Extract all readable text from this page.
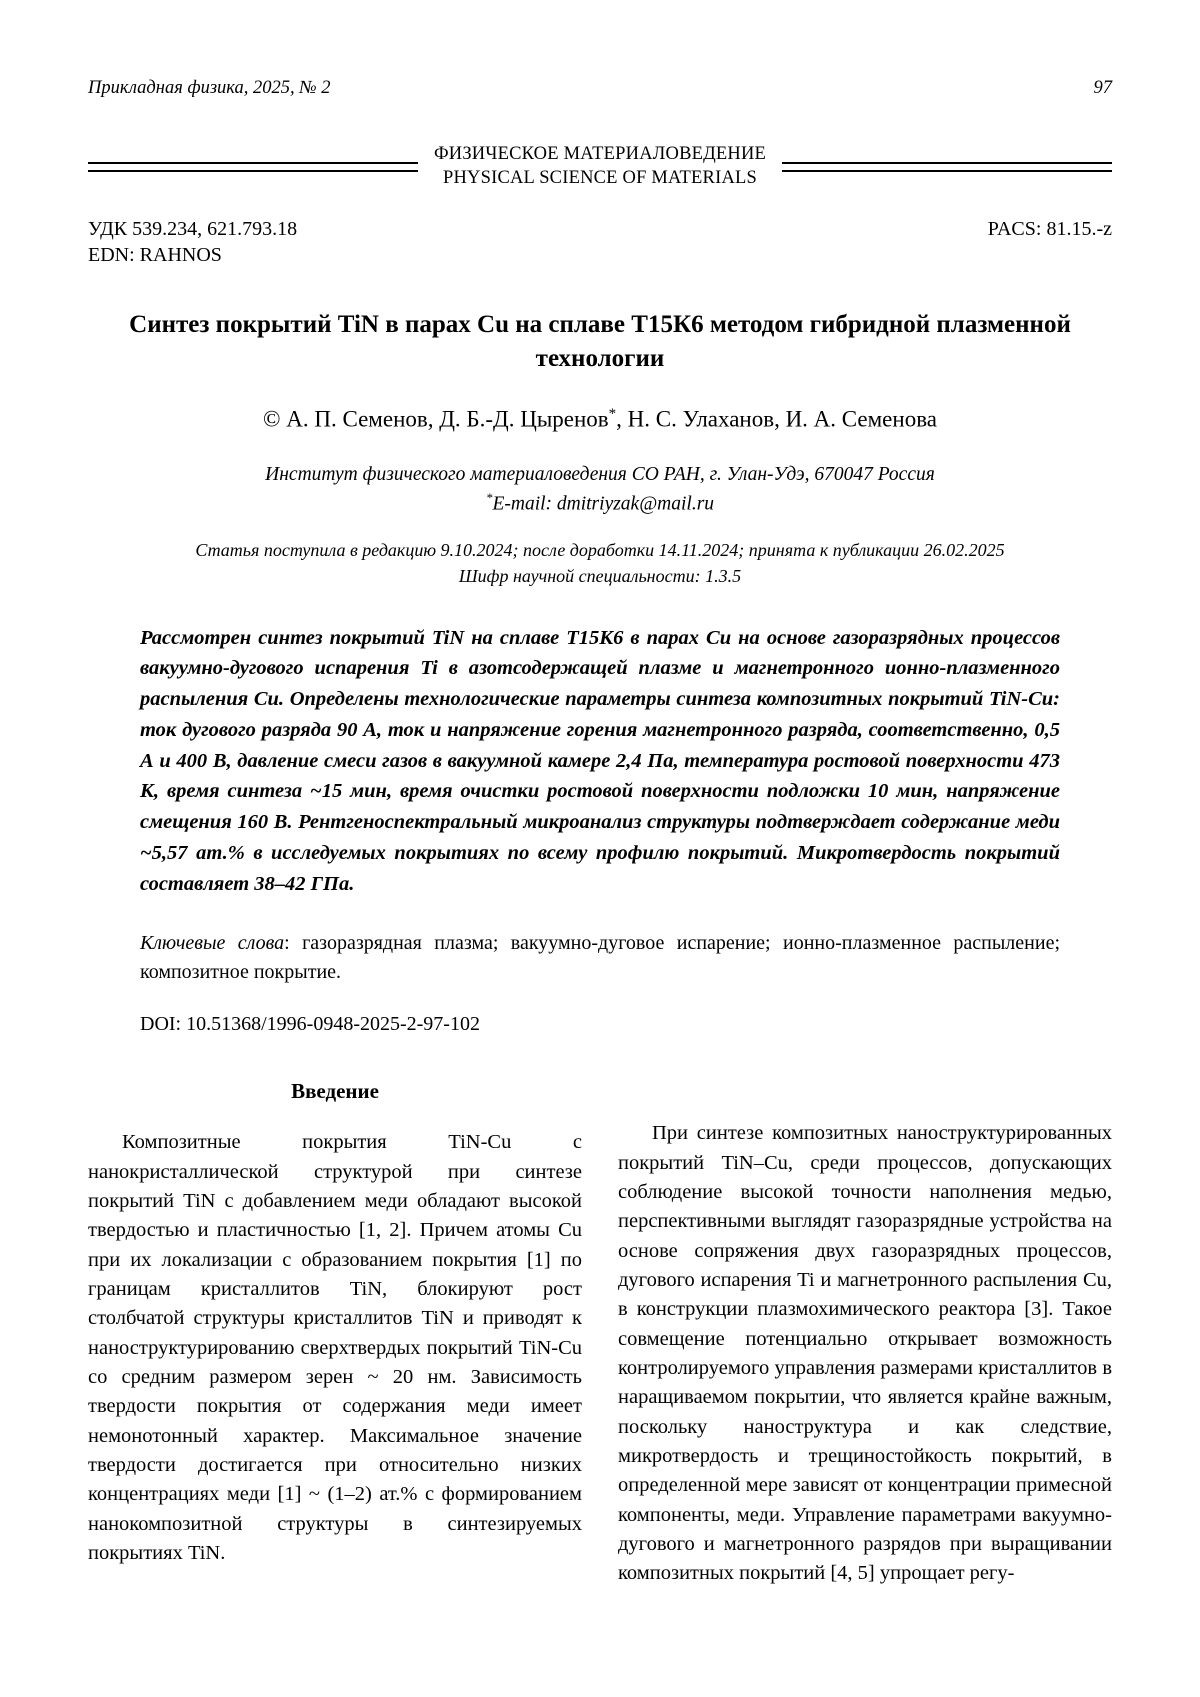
Прикладная физика, 2025, № 2	97
ФИЗИЧЕСКОЕ МАТЕРИАЛОВЕДЕНИЕ
PHYSICAL SCIENCE OF MATERIALS
УДК 539.234, 621.793.18
EDN: RAHNOS
PACS: 81.15.-z
Синтез покрытий TiN в парах Cu на сплаве Т15К6 методом гибридной плазменной технологии
© А. П. Семенов, Д. Б.-Д. Цыренов*, Н. С. Улаханов, И. А. Семенова
Институт физического материаловедения СО РАН, г. Улан-Удэ, 670047 Россия
*E-mail: dmitriyzak@mail.ru
Статья поступила в редакцию 9.10.2024; после доработки 14.11.2024; принята к публикации 26.02.2025
Шифр научной специальности: 1.3.5
Рассмотрен синтез покрытий TiN на сплаве Т15К6 в парах Cu на основе газоразрядных процессов вакуумно-дугового испарения Ti в азотсодержащей плазме и магнетронного ионно-плазменного распыления Cu. Определены технологические параметры синтеза композитных покрытий TiN-Cu: ток дугового разряда 90 А, ток и напряжение горения магнетронного разряда, соответственно, 0,5 А и 400 В, давление смеси газов в вакуумной камере 2,4 Па, температура ростовой поверхности 473 К, время синтеза ~15 мин, время очистки ростовой поверхности подложки 10 мин, напряжение смещения 160 В. Рентгеноспектральный микроанализ структуры подтверждает содержание меди ~5,57 ат.% в исследуемых покрытиях по всему профилю покрытий. Микротвердость покрытий составляет 38–42 ГПа.
Ключевые слова: газоразрядная плазма; вакуумно-дуговое испарение; ионно-плазменное распыление; композитное покрытие.
DOI: 10.51368/1996-0948-2025-2-97-102
Введение

Композитные покрытия TiN-Cu с нанокристаллической структурой при синтезе покрытий TiN с добавлением меди обладают высокой твердостью и пластичностью [1, 2]. Причем атомы Cu при их локализации с образованием покрытия [1] по границам кристаллитов TiN, блокируют рост столбчатой структуры кристаллитов TiN и приводят к наноструктурированию сверхтвердых покрытий TiN-Cu со средним размером зерен ~ 20 нм. Зависимость твердости покрытия от содержания меди имеет немонотонный характер. Максимальное значение твердости достигается при относительно низких концентрациях меди [1] ~ (1–2) ат.% с формированием нанокомпозитной структуры в синтезируемых покрытиях TiN.

При синтезе композитных наноструктурированных покрытий TiN–Cu, среди процессов, допускающих соблюдение высокой точности наполнения медью, перспективными выглядят газоразрядные устройства на основе сопряжения двух газоразрядных процессов, дугового испарения Ti и магнетронного распыления Cu, в конструкции плазмохимического реактора [3]. Такое совмещение потенциально открывает возможность контролируемого управления размерами кристаллитов в наращиваемом покрытии, что является крайне важным, поскольку наноструктура и как следствие, микротвердость и трещиностойкость покрытий, в определенной мере зависят от концентрации примесной компоненты, меди. Управление параметрами вакуумно-дугового и магнетронного разрядов при выращивании композитных покрытий [4, 5] упрощает регу-
